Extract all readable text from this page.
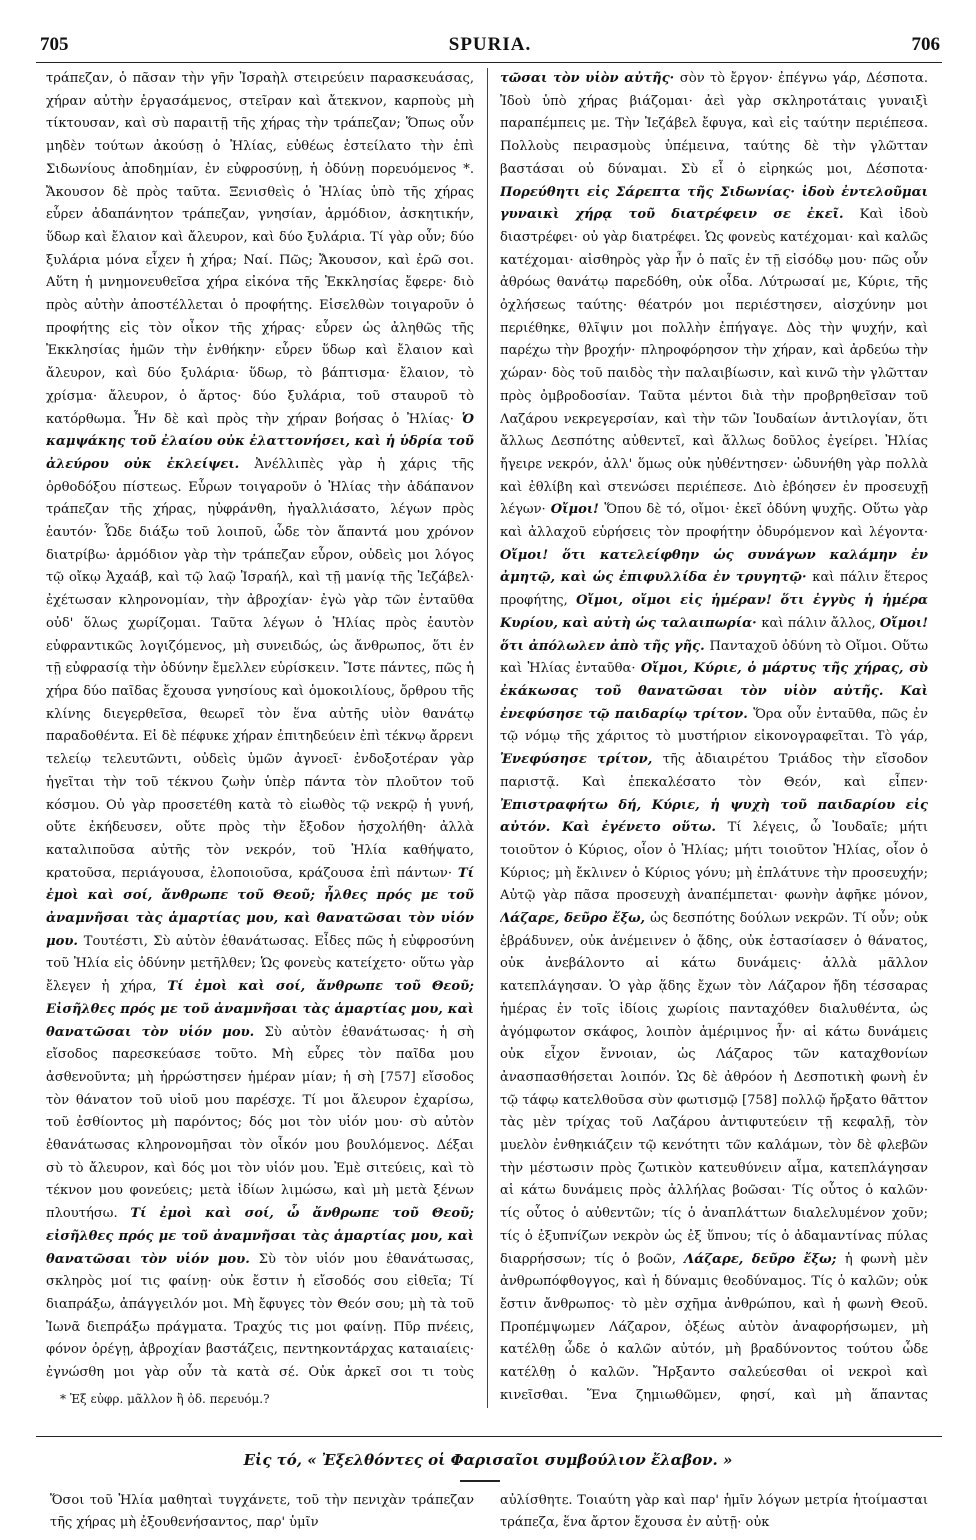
705	SPURIA.	706

τράπεζαν, ὁ πᾶσαν τὴν γῆν Ἰσραὴλ στειρεύειν παρασκευάσας, χήραν αὐτὴν ἐργασάμενος, στεῖραν καὶ ἄτεκνον, καρποὺς μὴ τίκτουσαν, καὶ σὺ παραιτῇ τῆς χήρας τὴν τράπεζαν; Ὅπως οὖν μηδὲν τούτων ἀκούσῃ ὁ Ἠλίας, εὐθέως ἐστείλατο τὴν ἐπὶ Σιδωνίους ἀποδημίαν, ἐν εὐφροσύνῃ, ἡ ὀδύνῃ πορευόμενος *. Ἄκουσον δὲ πρὸς ταῦτα. Ξενισθεὶς ὁ Ἠλίας ὑπὸ τῆς χήρας εὗρεν ἀδαπάνητον τράπεζαν, γνησίαν, ἁρμόδιον, ἀσκητικήν, ὕδωρ καὶ ἔλαιον καὶ ἄλευρον, καὶ δύο ξυλάρια. Τί γὰρ οὖν; δύο ξυλάρια μόνα εἶχεν ἡ χήρα; Ναί. Πῶς; Ἄκουσον, καὶ ἐρῶ σοι. Αὕτη ἡ μνημονευθεῖσα χήρα εἰκόνα τῆς Ἐκκλησίας ἔφερε· διὸ πρὸς αὐτὴν ἀποστέλλεται ὁ προφήτης. Εἰσελθὼν τοιγαροῦν ὁ προφήτης εἰς τὸν οἶκον τῆς χήρας· εὗρεν ὡς ἀληθῶς τῆς Ἐκκλησίας ἡμῶν τὴν ἐνθήκην· εὗρεν ὕδωρ καὶ ἔλαιον καὶ ἄλευρον, καὶ δύο ξυλάρια· ὕδωρ, τὸ βάπτισμα· ἔλαιον, τὸ χρίσμα· ἄλευρον, ὁ ἄρτος· δύο ξυλάρια, τοῦ σταυροῦ τὸ κατόρθωμα. Ἦν δὲ καὶ πρὸς τὴν χήραν βοήσας ὁ Ἠλίας· Ὁ καμψάκης τοῦ ἐλαίου οὐκ ἐλαττονήσει, καὶ ἡ ὑδρία τοῦ ἀλεύρου οὐκ ἐκλείψει. Ἀνέλλιπὲς γὰρ ἡ χάρις τῆς ὀρθοδόξου πίστεως. Εὗρων τοιγαροῦν ὁ Ἠλίας τὴν ἀδάπανον τράπεζαν τῆς χήρας, ηὐφράνθη, ἠγαλλιάσατο, λέγων πρὸς ἑαυτόν· Ὧδε διάξω τοῦ λοιποῦ, ὧδε τὸν ἅπαντά μου χρόνον διατρίβω· ἁρμόδιον γὰρ τὴν τράπεζαν εὗρον, οὐδεὶς μοι λόγος τῷ οἴκῳ Ἀχαάβ, καὶ τῷ λαῷ Ἰσραήλ, καὶ τῇ μανίᾳ τῆς Ἰεζάβελ· ἐχέτωσαν κληρονομίαν, τὴν ἀβροχίαν· ἐγὼ γὰρ τῶν ἐνταῦθα οὐδ' ὅλως χωρίζομαι. Ταῦτα λέγων ὁ Ἠλίας πρὸς ἑαυτὸν εὐφραντικῶς λογιζόμενος, μὴ συνειδώς, ὡς ἄνθρωπος, ὅτι ἐν τῇ εὐφρασίᾳ τὴν ὀδύνην ἔμελλεν εὑρίσκειν. Ἴστε πάντες, πῶς ἡ χήρα δύο παῖδας ἔχουσα γνησίους καὶ ὁμοκοιλίους, ὄρθρου τῆς κλίνης διεγερθεῖσα, θεωρεῖ τὸν ἕνα αὐτῆς υἱὸν θανάτῳ παραδοθέντα. Εἰ δὲ πέφυκε χήραν ἐπιτηδεύειν ἐπὶ τέκνῳ ἄρρενι τελείῳ τελευτῶντι, οὐδεὶς ὑμῶν ἀγνοεῖ· ἐνδοξοτέραν γὰρ ἡγεῖται τὴν τοῦ τέκνου ζωὴν ὑπὲρ πάντα τὸν πλοῦτον τοῦ κόσμου. Οὐ γὰρ προσετέθη κατὰ τὸ εἰωθὸς τῷ νεκρῷ ἡ γυνή, οὔτε ἐκήδευσεν, οὔτε πρὸς τὴν ἔξοδον ἠσχολήθη· ἀλλὰ καταλιποῦσα αὐτῆς τὸν νεκρόν, τοῦ Ἠλία καθήψατο, κρατοῦσα, περιάγουσα, ἐλοποιοῦσα, κράζουσα ἐπὶ πάντων· Τί ἐμοὶ καὶ σοί, ἄνθρωπε τοῦ Θεοῦ; ἦλθες πρός με τοῦ ἀναμνῆσαι τὰς ἁμαρτίας μου, καὶ θανατῶσαι τὸν υἱόν μου. Τουτέστι, Σὺ αὐτὸν ἐθανάτωσας. Εἶδες πῶς ἡ εὐφροσύνη τοῦ Ἠλία εἰς ὀδύνην μετῆλθεν; Ὡς φονεὺς κατείχετο· οὕτω γὰρ ἔλεγεν ἡ χήρα, Τί ἐμοὶ καὶ σοί, ἄνθρωπε τοῦ Θεοῦ; Εἰσῆλθες πρός με τοῦ ἀναμνῆσαι τὰς ἁμαρτίας μου, καὶ θανατῶσαι τὸν υἱόν μου. Σὺ αὐτὸν ἐθανάτωσας· ἡ σὴ εἴσοδος παρεσκεύασε τοῦτο. Μὴ εὗρες τὸν παῖδα μου ἀσθενοῦντα; μὴ ἠρρώστησεν ἡμέραν μίαν; ἡ σὴ [757] εἴσοδος τὸν θάνατον τοῦ υἱοῦ μου παρέσχε. Τί μοι ἄλευρον ἐχαρίσω, τοῦ ἐσθίοντος μὴ παρόντος; δός μοι τὸν υἱόν μου· σὺ αὐτὸν ἐθανάτωσας κληρονομῆσαι τὸν οἶκόν μου βουλόμενος. Δέξαι σὺ τὸ ἄλευρον, καὶ δός μοι τὸν υἱόν μου. Ἐμὲ σιτεύεις, καὶ τὸ τέκνον μου φονεύεις; μετὰ ἰδίων λιμώσω, καὶ μὴ μετὰ ξένων πλουτήσω. Τί ἐμοὶ καὶ σοί, ὦ ἄνθρωπε τοῦ Θεοῦ; εἰσῆλθες πρός με τοῦ ἀναμνῆσαι τὰς ἁμαρτίας μου, καὶ θανατῶσαι τὸν υἱόν μου. Σὺ τὸν υἱόν μου ἐθανάτωσας, σκληρὸς μοί τις φαίνῃ· οὐκ ἔστιν ἡ εἴσοδός σου εἰθεῖα; Τί διαπράξω, ἀπάγγειλόν μοι. Μὴ ἔφυγες τὸν Θεόν σου; μὴ τὰ τοῦ Ἰωνᾶ διεπράξω πράγματα. Τραχύς τις μοι φαίνῃ. Πῦρ πνέεις, φόνον ὀρέγῃ, ἀβροχίαν βαστάζεις, πεντηκοντάρχας καταιαίεις· ἐγνώσθη μοι γὰρ οὖν τὰ κατὰ σέ. Οὐκ ἀρκεῖ σοι τι τοὺς

τῶσαι τὸν υἱὸν αὐτῆς· σὸν τὸ ἔργον· ἐπέγνω γάρ, Δέσποτα. Ἰδοὺ ὑπὸ χήρας βιάζομαι· ἀεὶ γὰρ σκληροτάταις γυναιξὶ παραπέμπεις με. Τὴν Ἰεζάβελ ἔφυγα, καὶ εἰς ταύτην περιέπεσα. Πολλοὺς πειρασμοὺς ὑπέμεινα, ταύτης δὲ τὴν γλῶτταν βαστάσαι οὐ δύναμαι. Σὺ εἶ ὁ εἰρηκώς μοι, Δέσποτα· Πορεύθητι εἰς Σάρεπτα τῆς Σιδωνίας· ἰδοὺ ἐντελοῦμαι γυναικὶ χήρᾳ τοῦ διατρέφειν σε ἐκεῖ. Καὶ ἰδοὺ διαστρέφει· οὐ γὰρ διατρέφει. Ὡς φονεὺς κατέχομαι· καὶ καλῶς κατέχομαι· αἰσθηρὸς γὰρ ἦν ὁ παῖς ἐν τῇ εἰσόδῳ μου· πῶς οὖν ἀθρόως θανάτῳ παρεδόθη, οὐκ οἶδα. Λύτρωσαί με, Κύριε, τῆς ὀχλήσεως ταύτης· θέατρόν μοι περιέστησεν, αἰσχύνην μοι περιέθηκε, θλῖψιν μοι πολλὴν ἐπήγαγε. Δὸς τὴν ψυχήν, καὶ παρέχω τὴν βροχήν· πληροφόρησον τὴν χήραν, καὶ ἀρδεύω τὴν χώραν· δὸς τοῦ παιδὸς τὴν παλαιβίωσιν, καὶ κινῶ τὴν γλῶτταν πρὸς ὀμβροδοσίαν. Ταῦτα μέντοι διὰ τὴν προβρηθεῖσαν τοῦ Λαζάρου νεκρεγερσίαν, καὶ τὴν τῶν Ἰουδαίων ἀντιλογίαν, ὅτι ἄλλως Δεσπότης αὐθεντεῖ, καὶ ἄλλως δοῦλος ἐγείρει. Ἠλίας ἤγειρε νεκρόν, ἀλλ' ὅμως οὐκ ηὐθέντησεν· ὠδυνήθη γὰρ πολλὰ καὶ ἐθλίβη καὶ στενώσει περιέπεσε. Διὸ ἐβόησεν ἐν προσευχῇ λέγων· Οἴμοι! Ὅπου δὲ τό, οἴμοι· ἐκεῖ ὀδύνη ψυχῆς. Οὕτω γὰρ καὶ ἀλλαχοῦ εὑρήσεις τὸν προφήτην ὀδυρόμενον καὶ λέγοντα· Οἴμοι! ὅτι κατελείφθην ὡς συνάγων καλάμην ἐν ἀμητῷ, καὶ ὡς ἐπιφυλλίδα ἐν τρυγητῷ· καὶ πάλιν ἕτερος προφήτης, Οἴμοι, οἴμοι εἰς ἡμέραν! ὅτι ἐγγὺς ἡ ἡμέρα Κυρίου, καὶ αὐτὴ ὡς ταλαιπωρία· καὶ πάλιν ἄλλος, Οἴμοι! ὅτι ἀπόλωλεν ἀπὸ τῆς γῆς. Πανταχοῦ ὀδύνη τὸ Οἴμοι. Οὕτω καὶ Ἠλίας ἐνταῦθα· Οἴμοι, Κύριε, ὁ μάρτυς τῆς χήρας, σὺ ἐκάκωσας τοῦ θανατῶσαι τὸν υἱὸν αὐτῆς. Καὶ ἐνεφύσησε τῷ παιδαρίῳ τρίτον. Ὅρα οὖν ἐνταῦθα, πῶς ἐν τῷ νόμῳ τῆς χάριτος τὸ μυστήριον εἰκονογραφεῖται. Τὸ γάρ, Ἐνεφύσησε τρίτον, τῆς ἀδιαιρέτου Τριάδος τὴν εἴσοδον παριστᾷ. Καὶ ἐπεκαλέσατο τὸν Θεόν, καὶ εἶπεν· Ἐπιστραφήτω δή, Κύριε, ἡ ψυχὴ τοῦ παιδαρίου εἰς αὐτόν. Καὶ ἐγένετο οὕτω. Τί λέγεις, ὦ Ἰουδαῖε; μήτι τοιοῦτον ὁ Κύριος, οἷον ὁ Ἠλίας; μήτι τοιοῦτον Ἠλίας, οἷον ὁ Κύριος; μὴ ἔκλινεν ὁ Κύριος γόνυ; μὴ ἐπλάτυνε τὴν προσευχήν; Αὐτῷ γὰρ πᾶσα προσευχὴ ἀναπέμπεται· φωνὴν ἀφῆκε μόνον, Λάζαρε, δεῦρο ἔξω, ὡς δεσπότης δούλων νεκρῶν. Τί οὖν; οὐκ ἐβράδυνεν, οὐκ ἀνέμεινεν ὁ ᾅδης, οὐκ ἐστασίασεν ὁ θάνατος, οὐκ ἀνεβάλοντο αἱ κάτω δυνάμεις· ἀλλὰ μᾶλλον κατεπλάγησαν. Ὁ γὰρ ᾅδης ἔχων τὸν Λάζαρον ἤδη τέσσαρας ἡμέρας ἐν τοῖς ἰδίοις χωρίοις πανταχόθεν διαλυθέντα, ὡς ἀγόμφωτον σκάφος, λοιπὸν ἀμέριμνος ἦν· αἱ κάτω δυνάμεις οὐκ εἶχον ἔννοιαν, ὡς Λάζαρος τῶν καταχθονίων ἀνασπασθήσεται λοιπόν. Ὡς δὲ ἀθρόον ἡ Δεσποτικὴ φωνὴ ἐν τῷ τάφῳ κατελθοῦσα σὺν φωτισμῷ [758] πολλῷ ἤρξατο θᾶττον τὰς μὲν τρίχας τοῦ Λαζάρου ἀντιφυτεύειν τῇ κεφαλῇ, τὸν μυελὸν ἐνθηκιάζειν τῷ κενότητι τῶν καλάμων, τὸν δὲ φλεβῶν τὴν μέστωσιν πρὸς ζωτικὸν κατευθύνειν αἷμα, κατεπλάγησαν αἱ κάτω δυνάμεις πρὸς ἀλλήλας βοῶσαι· Τίς οὗτος ὁ καλῶν· τίς οὗτος ὁ αὐθεντῶν; τίς ὁ ἀναπλάττων διαλελυμένον χοῦν; τίς ὁ ἐξυπνίζων νεκρὸν ὡς ἐξ ὕπνου; τίς ὁ ἀδαμαντίνας πύλας διαρρήσσων; τίς ὁ βοῶν, Λάζαρε, δεῦρο ἔξω; ἡ φωνὴ μὲν ἀνθρωπόφθογγος, καὶ ἡ δύναμις θεοδύναμος. Τίς ὁ καλῶν; οὐκ ἔστιν ἄνθρωπος· τὸ μὲν σχῆμα ἀνθρώπου, καὶ ἡ φωνὴ Θεοῦ. Προπέμψωμεν Λάζαρον, ὀξέως αὐτὸν ἀναφορήσωμεν, μὴ κατέλθῃ ὧδε ὁ καλῶν αὐτόν, μὴ βραδύνοντος τούτου ὧδε κατέλθῃ ὁ καλῶν. Ἤρξαντο σαλεύεσθαι οἱ νεκροὶ καὶ κινεῖσθαι. Ἕνα ζημιωθῶμεν, φησί, καὶ μὴ ἅπαντας

* Ἐξ εὐφρ. μᾶλλον ἢ ὀδ. περευόμ.?
Εἰς τό, « Ἐξελθόντες οἱ Φαρισαῖοι συμβούλιον ἔλαβον. »
Ὅσοι τοῦ Ἠλία μαθηταὶ τυγχάνετε, τοῦ τὴν πενιχὰν τράπεζαν τῆς χήρας μὴ ἐξουθενήσαντος, παρ' ὑμῖν
αὐλίσθητε. Τοιαύτη γὰρ καὶ παρ' ἡμῖν λόγων μετρία ἡτοίμασται τράπεζα, ἕνα ἄρτον ἔχουσα ἐν αὐτῇ· οὐκ
